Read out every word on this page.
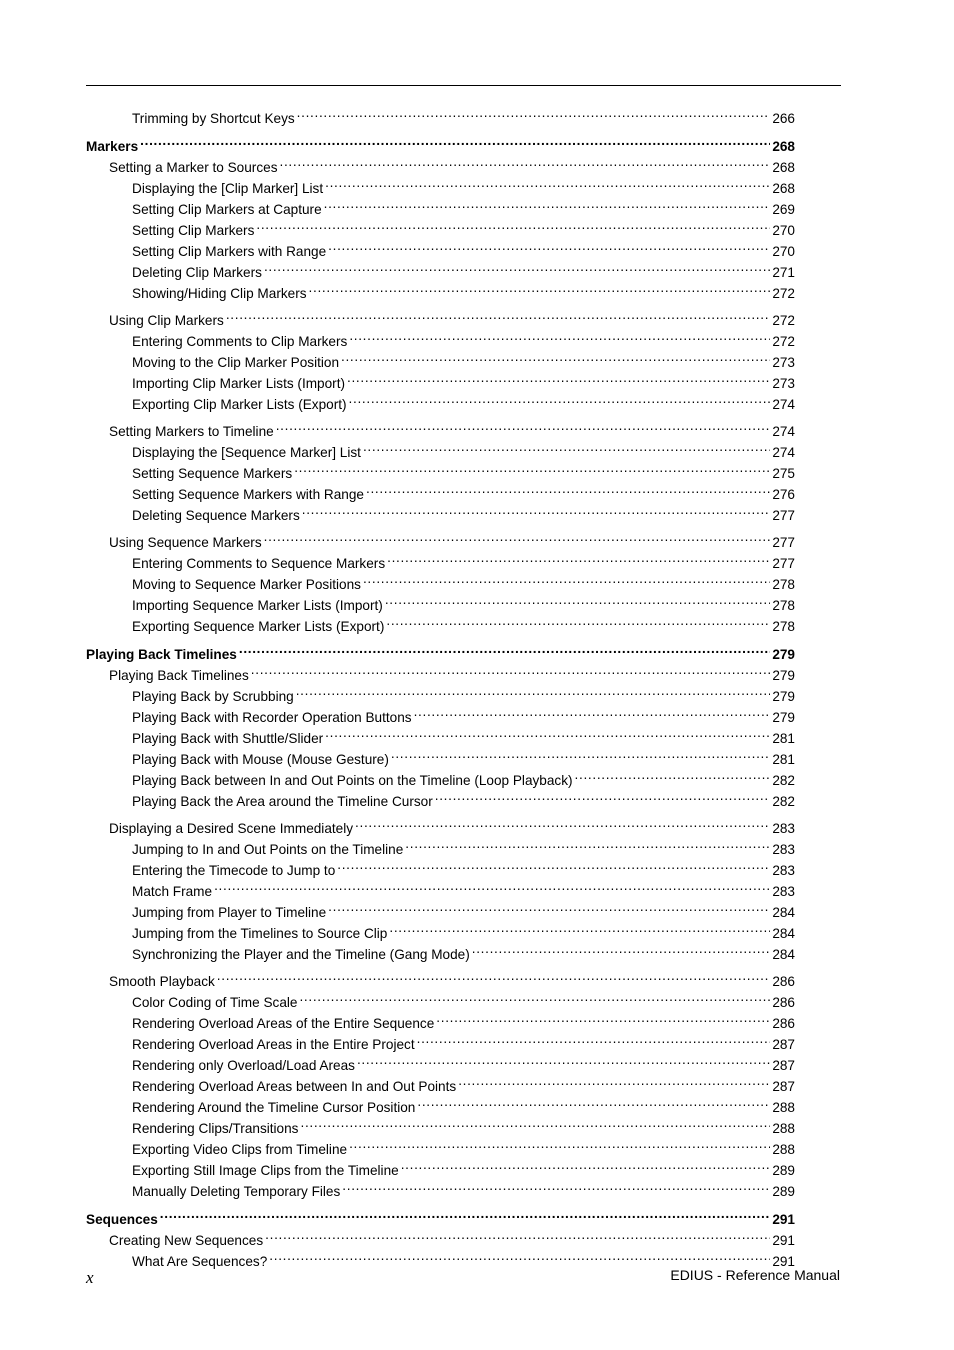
Trimming by Shortcut Keys . . .	266
Markers . . .	268
Setting a Marker to Sources . . .	268
Displaying the [Clip Marker] List . . .	268
Setting Clip Markers at Capture . . .	269
Setting Clip Markers . . .	270
Setting Clip Markers with Range . . .	270
Deleting Clip Markers . . .	271
Showing/Hiding Clip Markers . . .	272
Using Clip Markers . . .	272
Entering Comments to Clip Markers . . .	272
Moving to the Clip Marker Position . . .	273
Importing Clip Marker Lists (Import) . . .	273
Exporting Clip Marker Lists (Export) . . .	274
Setting Markers to Timeline . . .	274
Displaying the [Sequence Marker] List . . .	274
Setting Sequence Markers . . .	275
Setting Sequence Markers with Range . . .	276
Deleting Sequence Markers . . .	277
Using Sequence Markers . . .	277
Entering Comments to Sequence Markers . . .	277
Moving to Sequence Marker Positions . . .	278
Importing Sequence Marker Lists (Import) . . .	278
Exporting Sequence Marker Lists (Export) . . .	278
Playing Back Timelines . . .	279
Playing Back Timelines . . .	279
Playing Back by Scrubbing . . .	279
Playing Back with Recorder Operation Buttons . . .	279
Playing Back with Shuttle/Slider . . .	281
Playing Back with Mouse (Mouse Gesture) . . .	281
Playing Back between In and Out Points on the Timeline (Loop Playback) . . .	282
Playing Back the Area around the Timeline Cursor . . .	282
Displaying a Desired Scene Immediately . . .	283
Jumping to In and Out Points on the Timeline . . .	283
Entering the Timecode to Jump to . . .	283
Match Frame . . .	283
Jumping from Player to Timeline . . .	284
Jumping from the Timelines to Source Clip . . .	284
Synchronizing the Player and the Timeline (Gang Mode) . . .	284
Smooth Playback . . .	286
Color Coding of Time Scale . . .	286
Rendering Overload Areas of the Entire Sequence . . .	286
Rendering Overload Areas in the Entire Project . . .	287
Rendering only Overload/Load Areas . . .	287
Rendering Overload Areas between In and Out Points . . .	287
Rendering Around the Timeline Cursor Position . . .	288
Rendering Clips/Transitions . . .	288
Exporting Video Clips from Timeline . . .	288
Exporting Still Image Clips from the Timeline . . .	289
Manually Deleting Temporary Files . . .	289
Sequences . . .	291
Creating New Sequences . . .	291
What Are Sequences? . . .	291
x	EDIUS - Reference Manual
